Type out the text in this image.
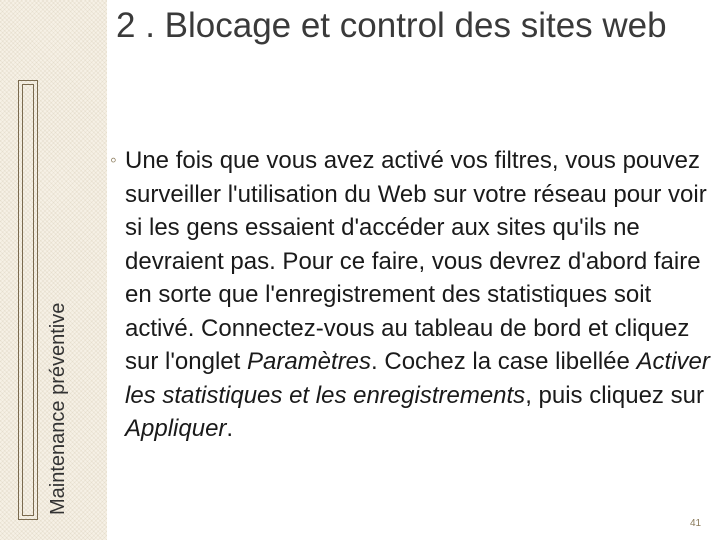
Maintenance préventive
2 . Blocage et control des sites web
◦ Une fois que vous avez activé vos filtres, vous pouvez surveiller l'utilisation du Web sur votre réseau pour voir si les gens essaient d'accéder aux sites qu'ils ne devraient pas. Pour ce faire, vous devrez d'abord faire en sorte que l'enregistrement des statistiques soit activé. Connectez-vous au tableau de bord et cliquez sur l'onglet Paramètres. Cochez la case libellée Activer les statistiques et les enregistrements, puis cliquez sur Appliquer.
41
